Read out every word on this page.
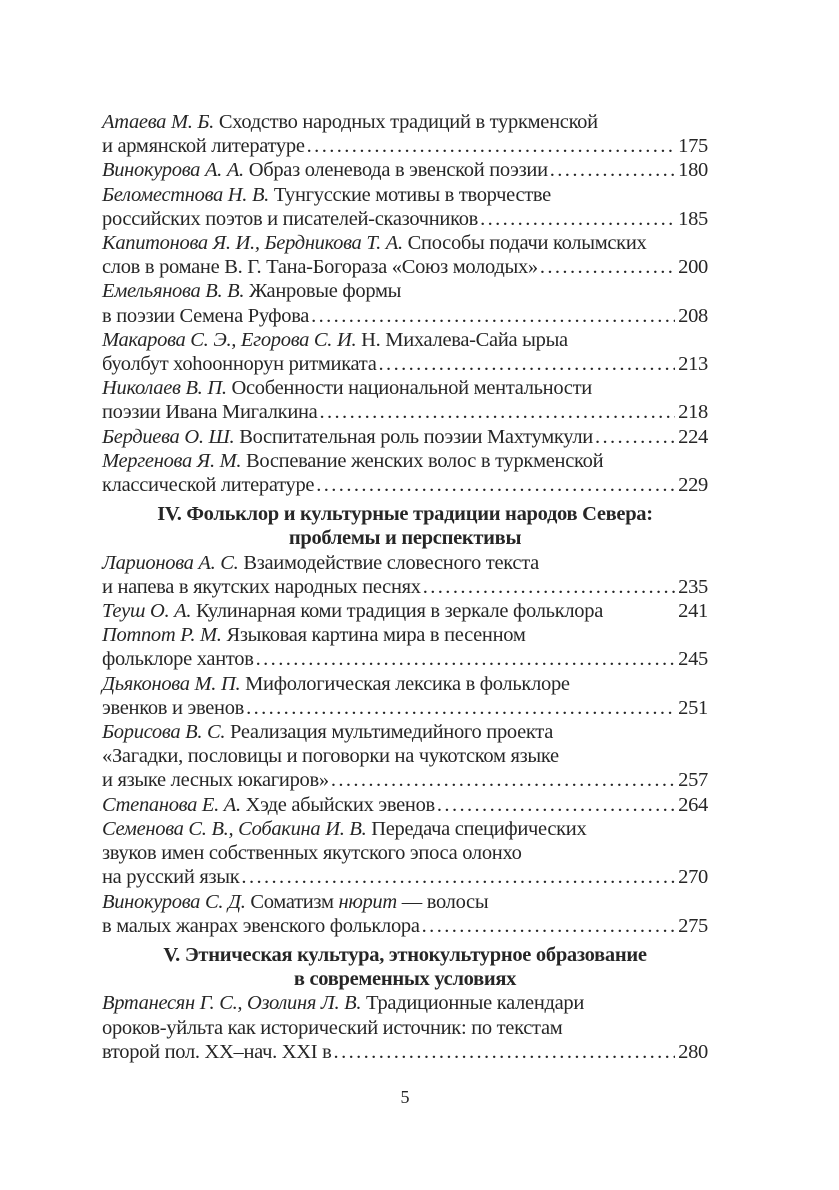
Атаева М. Б. Сходство народных традиций в туркменской
и армянской литературе .....	175
Винокурова А. А. Образ оленевода в эвенской поэзии .....	180
Беломестнова Н. В. Тунгусские мотивы в творчестве
российских поэтов и писателей-сказочников .....	185
Капитонова Я. И., Бердникова Т. А. Способы подачи колымских
слов в романе В. Г. Тана-Богораза «Союз молодых» .....	200
Емельянова В. В. Жанровые формы
в поэзии Семена Руфова .....	208
Макарова С. Э., Егорова С. И. Н. Михалева-Сайа ырыа
буолбут хоһооннорун ритмиката .....	213
Николаев В. П. Особенности национальной ментальности
поэзии Ивана Мигалкина .....	218
Бердиева О. Ш. Воспитательная роль поэзии Махтумкули .....	224
Мергенова Я. М. Воспевание женских волос в туркменской
классической литературе .....	229
IV. Фольклор и культурные традиции народов Севера:
проблемы и перспективы
Ларионова А. С. Взаимодействие словесного текста
и напева в якутских народных песнях .....	235
Теуш О. А. Кулинарная коми традиция в зеркале фольклора	241
Потпот Р. М. Языковая картина мира в песенном
фольклоре хантов .....	245
Дьяконова М. П. Мифологическая лексика в фольклоре
эвенков и эвенов .....	251
Борисова В. С. Реализация мультимедийного проекта
«Загадки, пословицы и поговорки на чукотском языке
и языке лесных юкагиров» .....	257
Степанова Е. А. Хэде абыйских эвенов .....	264
Семенова С. В., Собакина И. В. Передача специфических
звуков имен собственных якутского эпоса олонхо
на русский язык .....	270
Винокурова С. Д. Соматизм нюрит — волосы
в малых жанрах эвенского фольклора .....	275
V. Этническая культура, этнокультурное образование
в современных условиях
Вртанесян Г. С., Озолиня Л. В. Традиционные календари
ороков-уйльта как исторический источник: по текстам
второй пол. XX–нач. XXI в .....	280
5
